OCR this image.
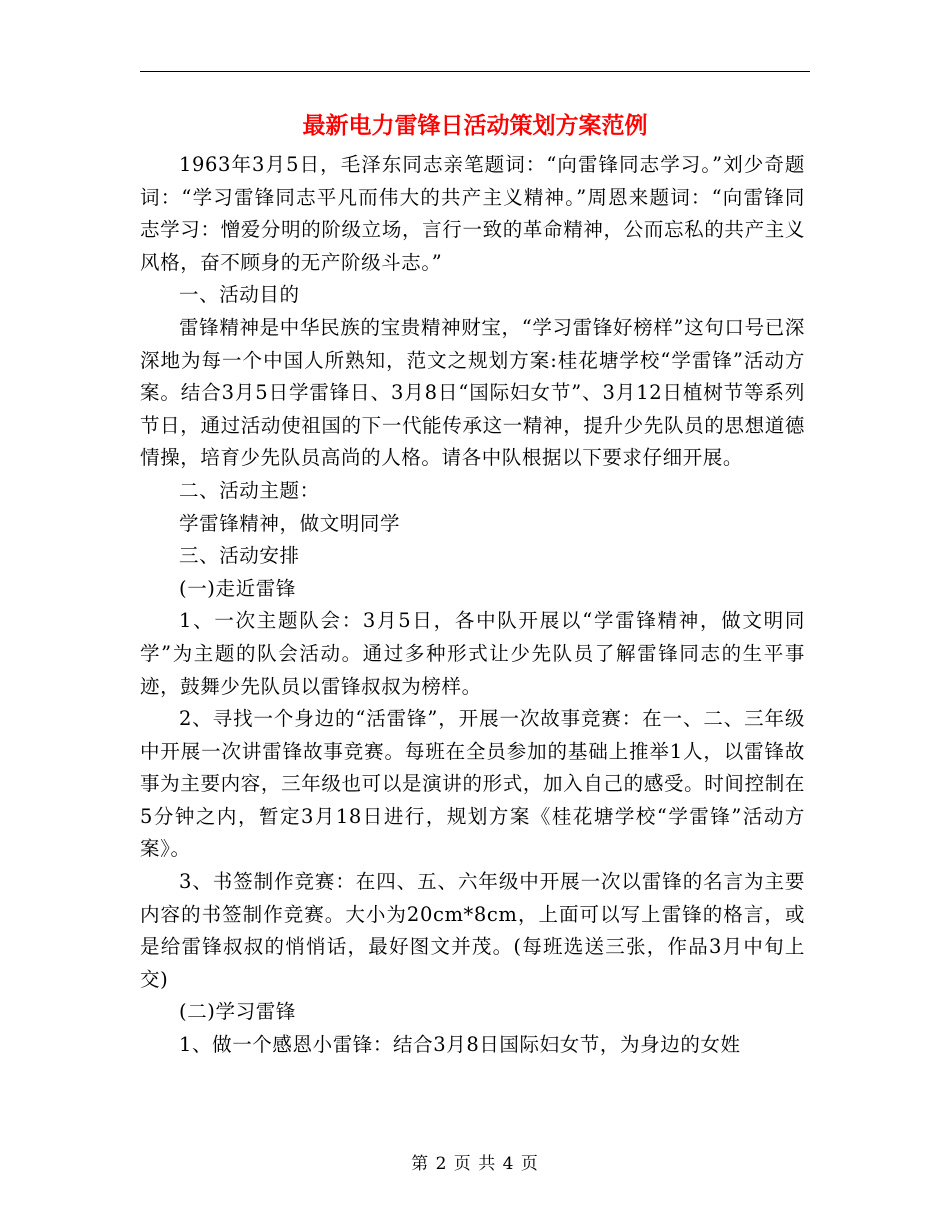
最新电力雷锋日活动策划方案范例

1963年3月5日，毛泽东同志亲笔题词：“向雷锋同志学习。”刘少奇题词：“学习雷锋同志平凡而伟大的共产主义精神。”周恩来题词：“向雷锋同志学习：憎爱分明的阶级立场，言行一致的革命精神，公而忘私的共产主义风格，奋不顾身的无产阶级斗志。”

一、活动目的

雷锋精神是中华民族的宝贵精神财宝，“学习雷锋好榜样”这句口号已深深地为每一个中国人所熟知，范文之规划方案:桂花塘学校“学雷锋”活动方案。结合3月5日学雷锋日、3月8日“国际妇女节”、3月12日植树节等系列节日，通过活动使祖国的下一代能传承这一精神，提升少先队员的思想道德情操，培育少先队员高尚的人格。请各中队根据以下要求仔细开展。

二、活动主题：

学雷锋精神，做文明同学

三、活动安排

(一)走近雷锋

1、一次主题队会：3月5日，各中队开展以“学雷锋精神，做文明同学”为主题的队会活动。通过多种形式让少先队员了解雷锋同志的生平事迹，鼓舞少先队员以雷锋叔叔为榜样。

2、寻找一个身边的“活雷锋”，开展一次故事竞赛：在一、二、三年级中开展一次讲雷锋故事竞赛。每班在全员参加的基础上推举1人，以雷锋故事为主要内容，三年级也可以是演讲的形式，加入自己的感受。时间控制在5分钟之内，暂定3月18日进行，规划方案《桂花塘学校“学雷锋”活动方案》。

3、书签制作竞赛：在四、五、六年级中开展一次以雷锋的名言为主要内容的书签制作竞赛。大小为20cm*8cm，上面可以写上雷锋的格言，或是给雷锋叔叔的悄悄话，最好图文并茂。(每班选送三张，作品3月中旬上交)

(二)学习雷锋

1、做一个感恩小雷锋：结合3月8日国际妇女节，为身边的女姓

第 2 页 共 4 页
